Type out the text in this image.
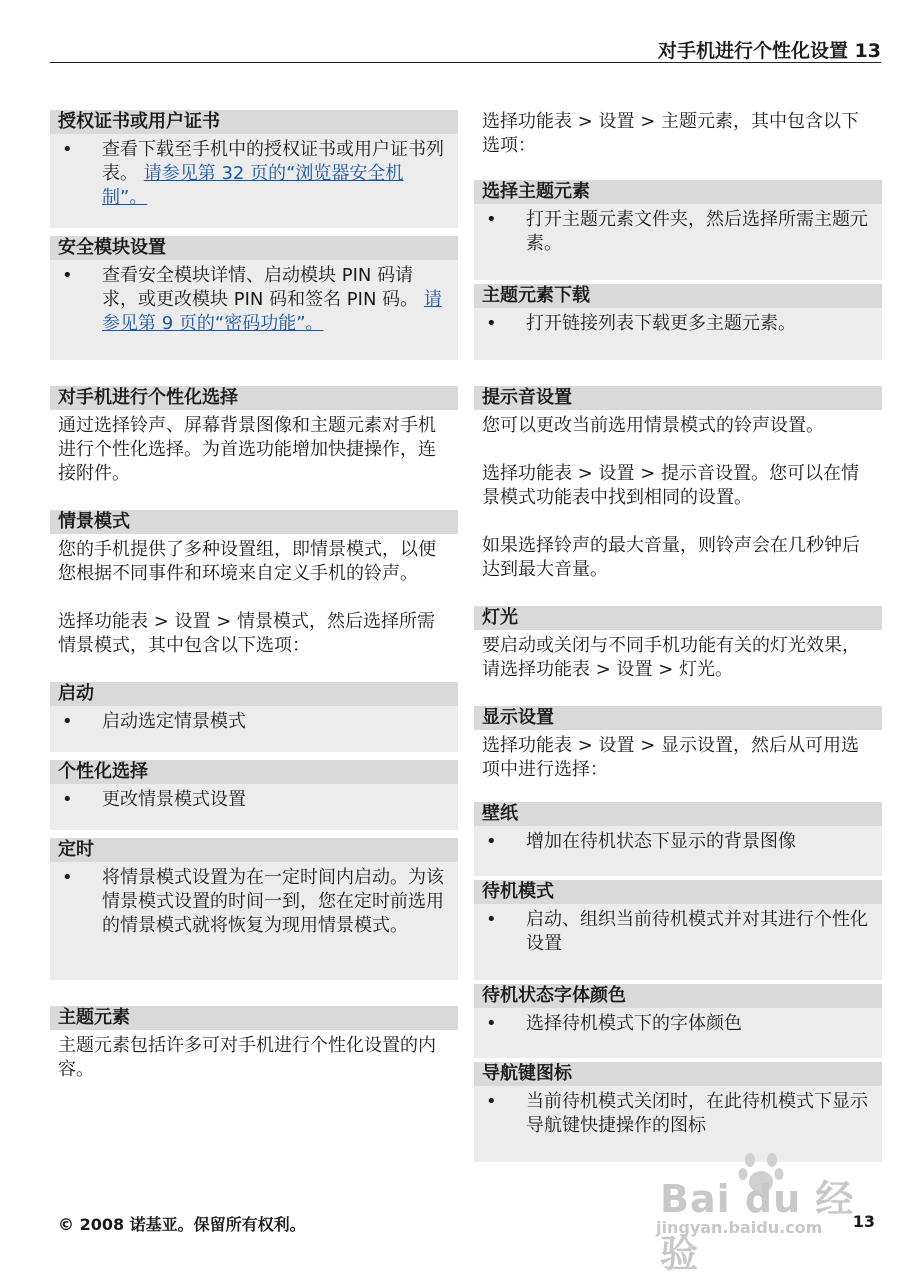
对手机进行个性化设置 13
授权证书或用户证书
•	查看下载至手机中的授权证书或用户证书列表。 请参见第 32 页的“浏览器安全机制”。
安全模块设置
•	查看安全模块详情、启动模块 PIN 码请求，或更改模块 PIN 码和签名 PIN 码。 请参见第 9 页的“密码功能”。
对手机进行个性化选择
通过选择铃声、屏幕背景图像和主题元素对手机进行个性化选择。为首选功能增加快捷操作，连接附件。
情景模式
您的手机提供了多种设置组，即情景模式，以便您根据不同事件和环境来自定义手机的铃声。
选择功能表 > 设置 > 情景模式，然后选择所需情景模式，其中包含以下选项：
启动
•	启动选定情景模式
个性化选择
•	更改情景模式设置
定时
•	将情景模式设置为在一定时间内启动。为该情景模式设置的时间一到，您在定时前选用的情景模式就将恢复为现用情景模式。
主题元素
主题元素包括许多可对手机进行个性化设置的内容。
选择功能表 > 设置 > 主题元素，其中包含以下选项：
选择主题元素
•	打开主题元素文件夹，然后选择所需主题元素。
主题元素下载
•	打开链接列表下载更多主题元素。
提示音设置
您可以更改当前选用情景模式的铃声设置。
选择功能表 > 设置 > 提示音设置。您可以在情景模式功能表中找到相同的设置。
如果选择铃声的最大音量，则铃声会在几秒钟后达到最大音量。
灯光
要启动或关闭与不同手机功能有关的灯光效果，请选择功能表 > 设置 > 灯光。
显示设置
选择功能表 > 设置 > 显示设置，然后从可用选项中进行选择：
壁纸
•	增加在待机状态下显示的背景图像
待机模式
•	启动、组织当前待机模式并对其进行个性化设置
待机状态字体颜色
•	选择待机模式下的字体颜色
导航键图标
•	当前待机模式关闭时，在此待机模式下显示导航键快捷操作的图标
Bai du 经验
jingyan.baidu.com
© 2008 诺基亚。保留所有权利。	13
